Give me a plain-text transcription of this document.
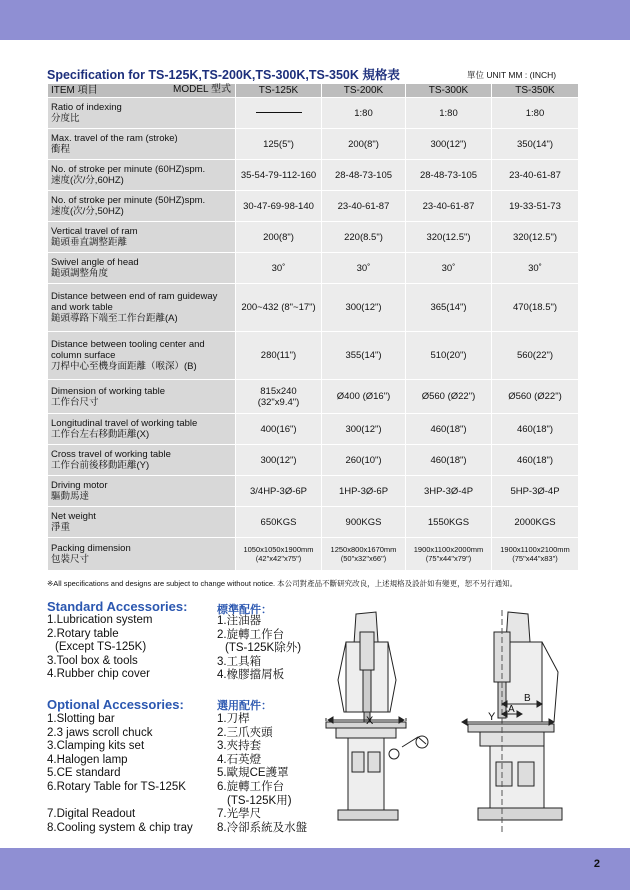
Specification for TS-125K,TS-200K,TS-300K,TS-350K 規格表	單位 UNIT MM : (INCH)
ITEM 項目 MODEL 型式	TS-125K	TS-200K	TS-300K	TS-350K

Ratio of indexing
分度比		1:80	1:80	1:80

Max. travel of the ram (stroke)
衝程	125(5")	200(8")	300(12")	350(14")

No. of stroke per minute (60HZ)spm.
速度(次/分,60HZ)	35-54-79-112-160	28-48-73-105	28-48-73-105	23-40-61-87

No. of stroke per minute (50HZ)spm.
速度(次/分,50HZ)	30-47-69-98-140	23-40-61-87	23-40-61-87	19-33-51-73

Vertical travel of ram
鎚頭垂直調整距離	200(8")	220(8.5")	320(12.5")	320(12.5")

Swivel angle of head
鎚頭調整角度	30˚	30˚	30˚	30˚

Distance between end of ram guideway
and work table
鎚頭導路下端至工作台距離(A)	200~432 (8"~17")	300(12")	365(14")	470(18.5")

Distance between tooling center and
column surface
刀桿中心至機身面距離（喉深）(B)	280(11")	355(14")	510(20")	560(22")

Dimension of working table
工作台尺寸	815x240 (32"x9.4")	Ø400 (Ø16")	Ø560 (Ø22")	Ø560 (Ø22")

Longitudinal travel of working table
工作台左右移動距離(X)	400(16")	300(12")	460(18")	460(18")

Cross travel of working table
工作台前後移動距離(Y)	300(12")	260(10")	460(18")	460(18")

Driving motor
驅動馬達	3/4HP-3Ø-6P	1HP-3Ø-6P	3HP-3Ø-4P	5HP-3Ø-4P

Net weight
淨重	650KGS	900KGS	1550KGS	2000KGS

Packing dimension
包裝尺寸	1050x1050x1900mm (42"x42"x75")	1250x800x1670mm (50"x32"x66")	1900x1100x2000mm (75"x44"x79")	1900x1100x2100mm (75"x44"x83")
※All specifications and designs are subject to change without notice. 本公司對產品不斷研究改良，上述規格及設計如有變更，恕不另行通知。
Standard Accessories:	標準配件：
1.Lubrication system
2.Rotary table
(Except TS-125K)
3.Tool box & tools
4.Rubber chip cover
1.注油器
2.旋轉工作台
(TS-125K除外)
3.工具箱
4.橡膠擋屑板
Optional Accessories:	選用配件：
1.Slotting bar
2.3 jaws scroll chuck
3.Clamping kits set
4.Halogen lamp
5.CE standard
6.Rotary Table for TS-125K
7.Digital Readout
8.Cooling system & chip tray
1.刀桿
2.三爪夾頭
3.夾持套
4.石英燈
5.歐規CE護罩
6.旋轉工作台
(TS-125K用)
7.光學尺
8.冷卻系統及水盤
X
B
A
Y
2
